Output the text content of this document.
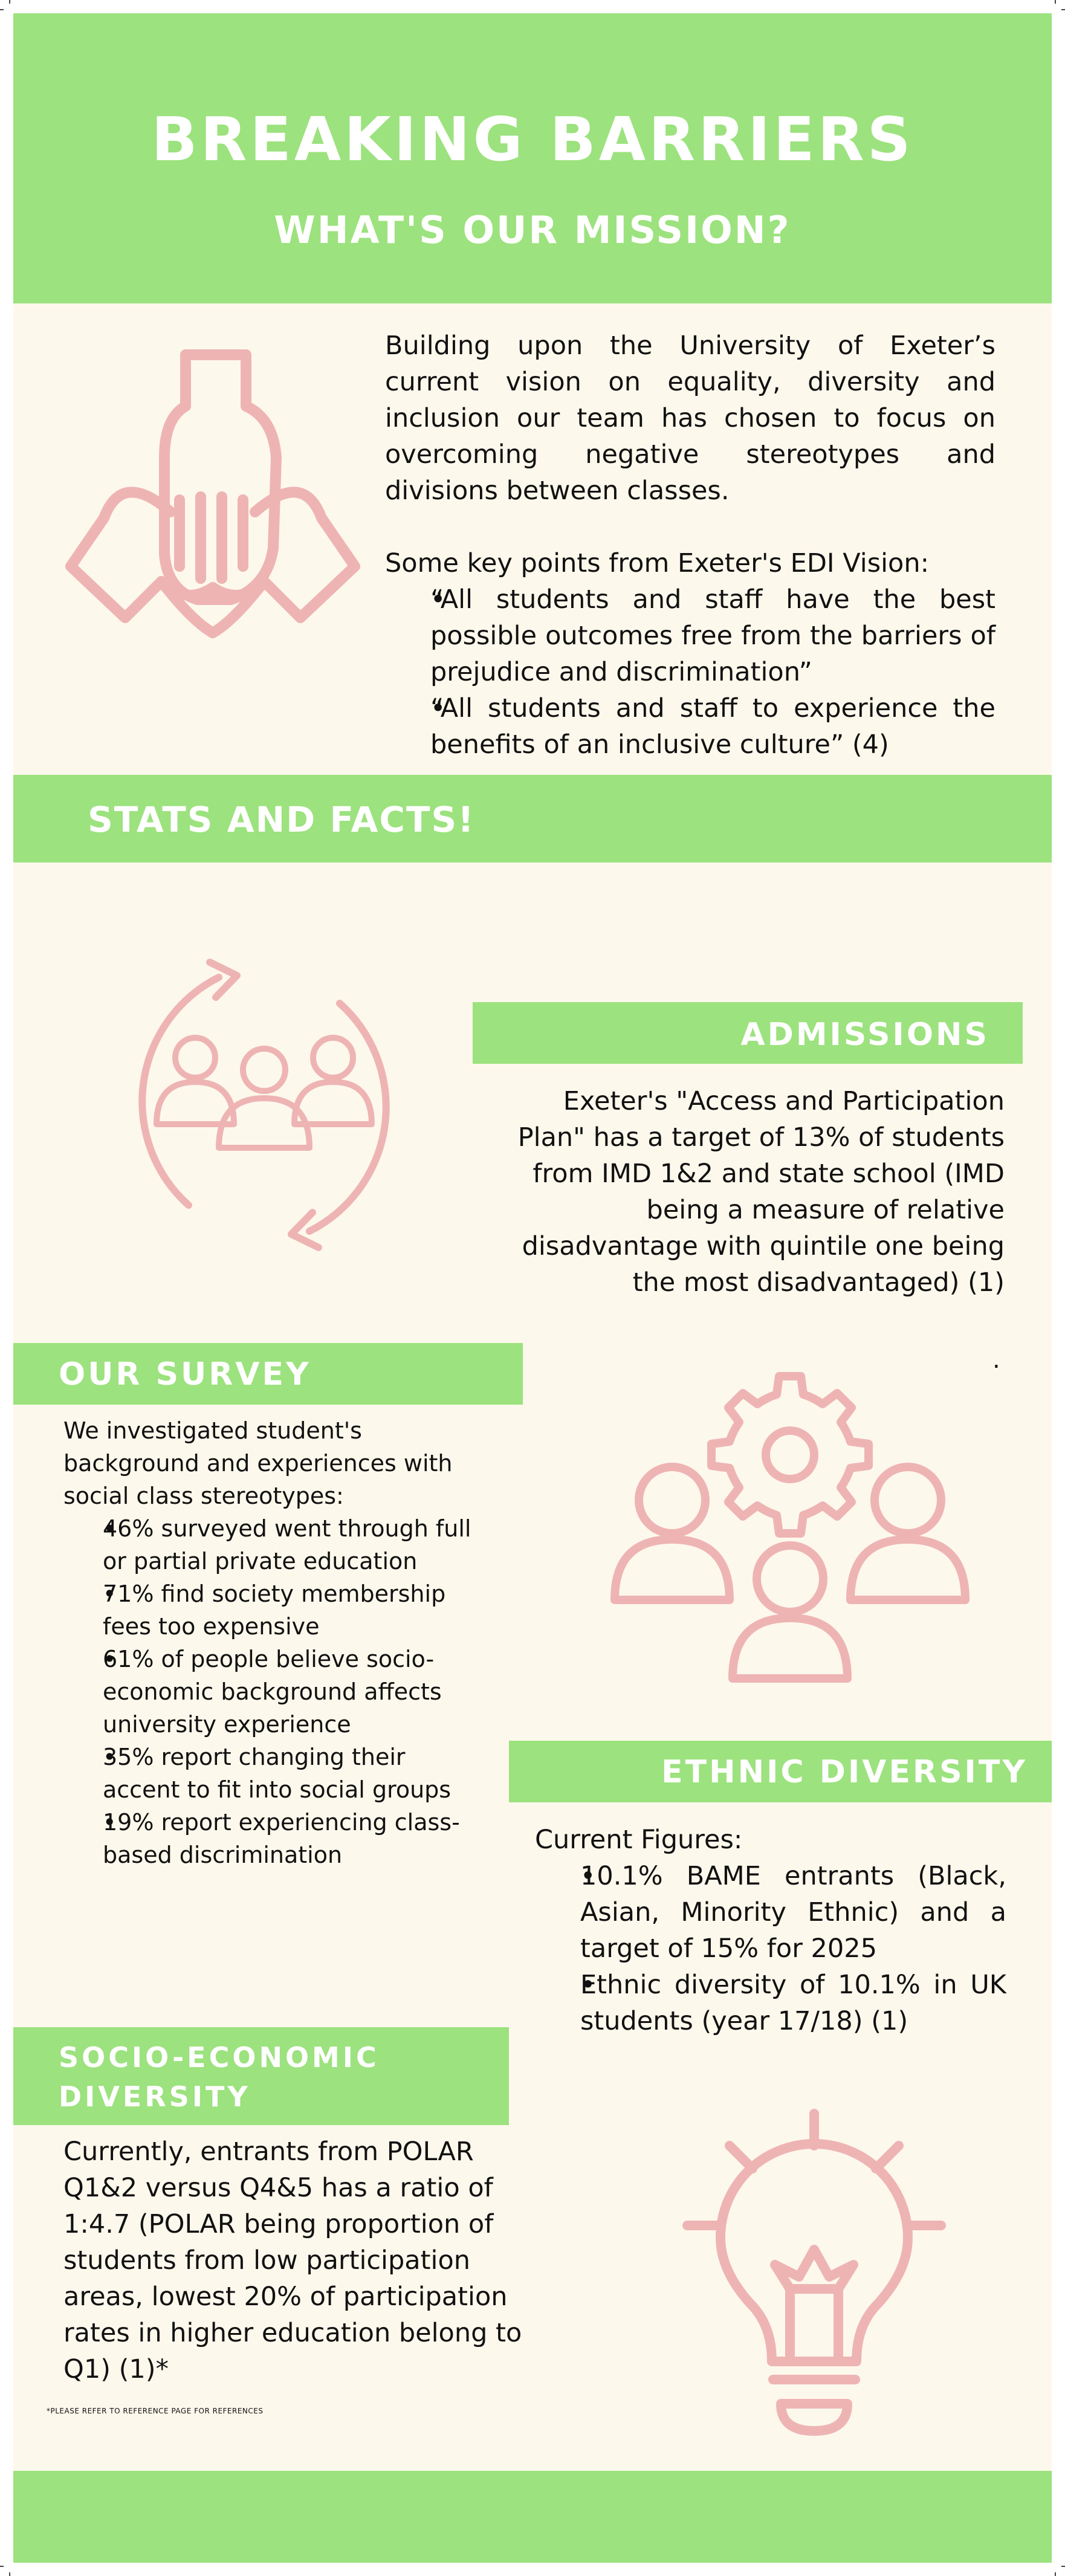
BREAKING BARRIERS
WHAT'S OUR MISSION?
Building upon the University of Exeter’s current vision on equality, diversity and inclusion our team has chosen to focus on overcoming negative stereotypes and divisions between classes.
Some key points from Exeter's EDI Vision:
• “All students and staff have the best possible outcomes free from the barriers of prejudice and discrimination”
• “All students and staff to experience the benefits of an inclusive culture” (4)
STATS AND FACTS!
ADMISSIONS
Exeter's "Access and Participation Plan" has a target of 13% of students from IMD 1&2 and state school (IMD being a measure of relative disadvantage with quintile one being the most disadvantaged) (1)
.
OUR SURVEY
We investigated student's background and experiences with social class stereotypes:
• 46% surveyed went through full or partial private education
• 71% find society membership fees too expensive
• 61% of people believe socio-economic background affects university experience
• 35% report changing their accent to fit into social groups
• 19% report experiencing class-based discrimination
ETHNIC DIVERSITY
Current Figures:
• 10.1% BAME entrants (Black, Asian, Minority Ethnic) and a target of 15% for 2025
• Ethnic diversity of 10.1% in UK students (year 17/18) (1)
SOCIO-ECONOMIC
DIVERSITY
Currently, entrants from POLAR Q1&2 versus Q4&5 has a ratio of 1:4.7 (POLAR being proportion of students from low participation areas, lowest 20% of participation rates in higher education belong to Q1) (1)*
*PLEASE REFER TO REFERENCE PAGE FOR REFERENCES
